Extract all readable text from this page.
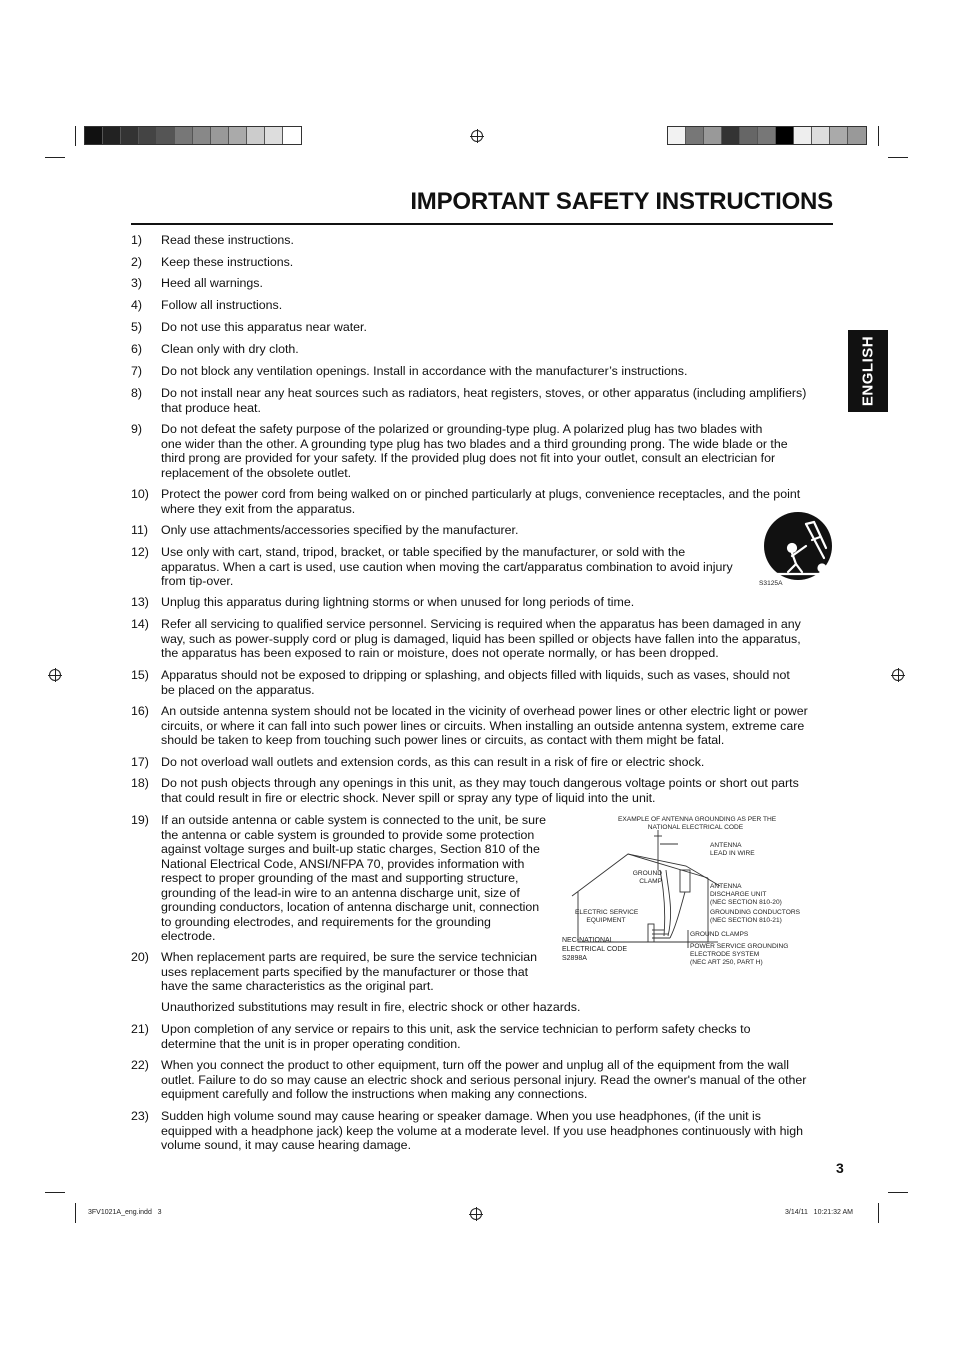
IMPORTANT SAFETY INSTRUCTIONS
ENGLISH
1)	Read these instructions.
2)	Keep these instructions.
3)	Heed all warnings.
4)	Follow all instructions.
5)	Do not use this apparatus near water.
6)	Clean only with dry cloth.
7)	Do not block any ventilation openings. Install in accordance with the manufacturer’s instructions.
8)	Do not install near any heat sources such as radiators, heat registers, stoves, or other apparatus (including amplifiers)
that produce heat.
9)	Do not defeat the safety purpose of the polarized or grounding-type plug. A polarized plug has two blades with
one wider than the other. A grounding type plug has two blades and a third grounding prong. The wide blade or the
third prong are provided for your safety. If the provided plug does not fit into your outlet, consult an electrician for
replacement of the obsolete outlet.
10) Protect the power cord from being walked on or pinched particularly at plugs, convenience receptacles, and the point
where they exit from the apparatus.
11)	Only use attachments/accessories specified by the manufacturer.
12) Use only with cart, stand, tripod, bracket, or table specified by the manufacturer, or sold with the
apparatus. When a cart is used, use caution when moving the cart/apparatus combination to avoid injury
from tip-over.
13) Unplug this apparatus during lightning storms or when unused for long periods of time.
14) Refer all servicing to qualified service personnel. Servicing is required when the apparatus has been damaged in any
way, such as power-supply cord or plug is damaged, liquid has been spilled or objects have fallen into the apparatus,
the apparatus has been exposed to rain or moisture, does not operate normally, or has been dropped.
15) Apparatus should not be exposed to dripping or splashing, and objects filled with liquids, such as vases, should not
be placed on the apparatus.
16) An outside antenna system should not be located in the vicinity of overhead power lines or other electric light or power
circuits, or where it can fall into such power lines or circuits. When installing an outside antenna system, extreme care
should be taken to keep from touching such power lines or circuits, as contact with them might be fatal.
17) Do not overload wall outlets and extension cords, as this can result in a risk of fire or electric shock.
18) Do not push objects through any openings in this unit, as they may touch dangerous voltage points or short out parts
that could result in fire or electric shock. Never spill or spray any type of liquid into the unit.
19) If an outside antenna or cable system is connected to the unit, be sure
the antenna or cable system is grounded to provide some protection
against voltage surges and built-up static charges, Section 810 of the
National Electrical Code, ANSI/NFPA 70, provides information with
respect to proper grounding of the mast and supporting structure,
grounding of the lead-in wire to an antenna discharge unit, size of
grounding conductors, location of antenna discharge unit, connection
to grounding electrodes, and requirements for the grounding
electrode.
20) When replacement parts are required, be sure the service technician
uses replacement parts specified by the manufacturer or those that
have the same characteristics as the original part.
Unauthorized substitutions may result in fire, electric shock or other hazards.
21) Upon completion of any service or repairs to this unit, ask the service technician to perform safety checks to
determine that the unit is in proper operating condition.
22) When you connect the product to other equipment, turn off the power and unplug all of the equipment from the wall
outlet. Failure to do so may cause an electric shock and serious personal injury. Read the owner's manual of the other
equipment carefully and follow the instructions when making any connections.
23) Sudden high volume sound may cause hearing or speaker damage. When you use headphones, (if the unit is
equipped with a headphone jack) keep the volume at a moderate level. If you use headphones continuously with high
volume sound, it may cause hearing damage.
S3125A
EXAMPLE OF ANTENNA GROUNDING AS PER THE
NATIONAL ELECTRICAL CODE
ANTENNA
LEAD IN WIRE
GROUND
CLAMP
ANTENNA
DISCHARGE UNIT
(NEC SECTION 810-20)
ELECTRIC SERVICE
EQUIPMENT
GROUNDING CONDUCTORS
(NEC SECTION 810-21)
GROUND CLAMPS
NEC-NATIONAL
ELECTRICAL CODE
S2898A
POWER SERVICE GROUNDING
ELECTRODE SYSTEM
(NEC ART 250, PART H)
3
3FV1021A_eng.indd   3	3/14/11   10:21:32 AM
